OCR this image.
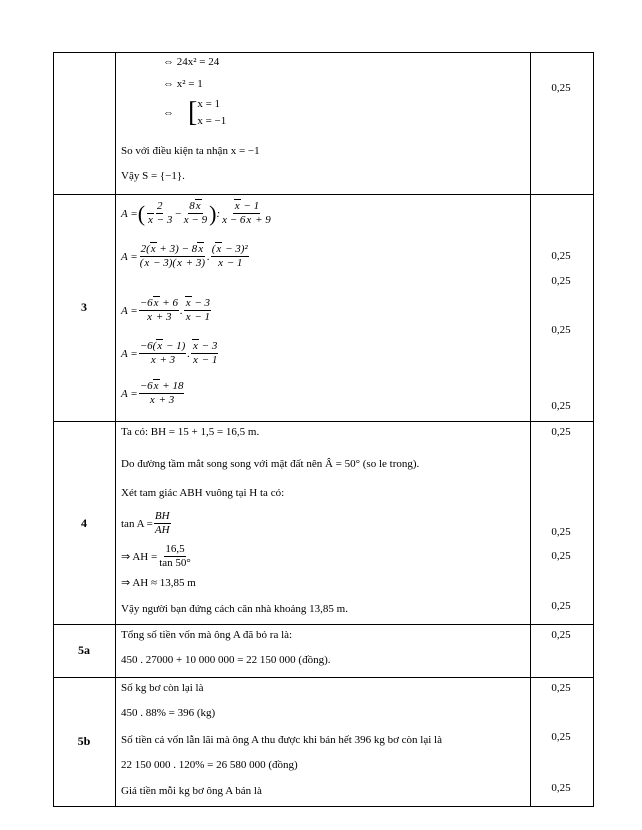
⇔ 24x² = 24
⇔ x² = 1
⇔ [ x = 1
x = −1
So với điều kiện ta nhận x = −1
Vậy S = {−1}.
0,25
3
A = ( $\frac{2}{x - 3} - \frac{8x}{x - 9}$ ) : $\frac{x - 1}{x - 6x + 9}$
$A = \frac{2(x + 3) - 8x}{(x - 3)(x + 3)}$ . $\frac{\text{(x − 3)²}}{x - 1}$
$A = \frac{-6x + 6}{x + 3}$ . $\frac{x - 3}{x - 1}$
$A = \frac{-6(x - 1)}{x + 3}$ . $\frac{x - 3}{x - 1}$
$A = \frac{-6x + 18}{x + 3}$
0,25
0,25
0,25
0,25
4
Ta có: BH = 15 + 1,5 = 16,5 m.
Do đường tầm mắt song song với mặt đất nên Â = 50° (so le trong).
Xét tam giác ABH vuông tại H ta có:
$\tan A = \frac{BH}{AH}$
⇒ AH = $\frac{16,5}{\tan 50^\circ}$
⇒ AH ≈ 13,85 m
Vậy người bạn đứng cách căn nhà khoảng 13,85 m.
0,25
0,25
0,25
0,25
5a
Tổng số tiền vốn mà ông A đã bỏ ra là:
450 . 27000 + 10 000 000 = 22 150 000 (đồng).
0,25
5b
Số kg bơ còn lại là
450 . 88% = 396 (kg)
Số tiền cả vốn lẫn lãi mà ông A thu được khi bán hết 396 kg bơ còn lại là
22 150 000 . 120% = 26 580 000 (đồng)
Giá tiền mỗi kg bơ ông A bán là
0,25
0,25
0,25
